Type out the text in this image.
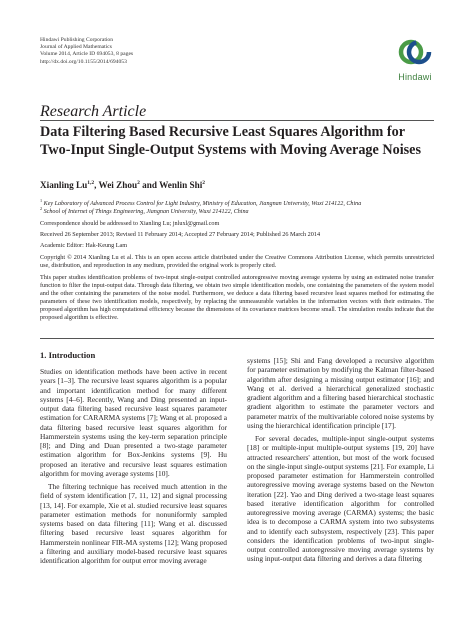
Hindawi Publishing Corporation
Journal of Applied Mathematics
Volume 2014, Article ID 694053, 8 pages
http://dx.doi.org/10.1155/2014/694053
Hindawi
Research Article
Data Filtering Based Recursive Least Squares Algorithm for Two-Input Single-Output Systems with Moving Average Noises
Xianling Lu$^{1,2}$, Wei Zhou$^2$ and Wenlin Shi$^2$
$^1$ Key Laboratory of Advanced Process Control for Light Industry, Ministry of Education, Jiangnan University, Wuxi 214122, China
$^2$ School of Internet of Things Engineering, Jiangnan University, Wuxi 214122, China
Correspondence should be addressed to Xianling Lu; jnluxl@gmail.com
Received 26 September 2013; Revised 11 February 2014; Accepted 27 February 2014; Published 26 March 2014
Academic Editor: Hak-Keung Lam
Copyright © 2014 Xianling Lu et al. This is an open access article distributed under the Creative Commons Attribution License, which permits unrestricted use, distribution, and reproduction in any medium, provided the original work is properly cited.
This paper studies identification problems of two-input single-output controlled autoregressive moving average systems by using an estimated noise transfer function to filter the input-output data. Through data filtering, we obtain two simple identification models, one containing the parameters of the system model and the other containing the parameters of the noise model. Furthermore, we deduce a data filtering based recursive least squares method for estimating the parameters of these two identification models, respectively, by replacing the unmeasurable variables in the information vectors with their estimates. The proposed algorithm has high computational efficiency because the dimensions of its covariance matrices become small. The simulation results indicate that the proposed algorithm is effective.
1. Introduction

Studies on identification methods have been active in recent years [1–3]. The recursive least squares algorithm is a popular and important identification method for many different systems [4–6]. Recently, Wang and Ding presented an input-output data filtering based recursive least squares parameter estimation for CARARMA systems [7]; Wang et al. proposed a data filtering based recursive least squares algorithm for Hammerstein systems using the key-term separation principle [8]; and Ding and Duan presented a two-stage parameter estimation algorithm for Box-Jenkins systems [9]. Hu proposed an iterative and recursive least squares estimation algorithm for moving average systems [10].

The filtering technique has received much attention in the field of system identification [7, 11, 12] and signal processing [13, 14]. For example, Xie et al. studied recursive least squares parameter estimation methods for nonuniformly sampled systems based on data filtering [11]; Wang et al. discussed filtering based recursive least squares algorithm for Hammerstein nonlinear FIR-MA systems [12]; Wang proposed a filtering and auxiliary model-based recursive least squares identification algorithm for output error moving average

systems [15]; Shi and Fang developed a recursive algorithm for parameter estimation by modifying the Kalman filter-based algorithm after designing a missing output estimator [16]; and Wang et al. derived a hierarchical generalized stochastic gradient algorithm and a filtering based hierarchical stochastic gradient algorithm to estimate the parameter vectors and parameter matrix of the multivariable colored noise systems by using the hierarchical identification principle [17].

For several decades, multiple-input single-output systems [18] or multiple-input multiple-output systems [19, 20] have attracted researchers' attention, but most of the work focused on the single-input single-output systems [21]. For example, Li proposed parameter estimation for Hammerstein controlled autoregressive moving average systems based on the Newton iteration [22]. Yao and Ding derived a two-stage least squares based iterative identification algorithm for controlled autoregressive moving average (CARMA) systems; the basic idea is to decompose a CARMA system into two subsystems and to identify each subsystem, respectively [23]. This paper considers the identification problems of two-input single-output controlled autoregressive moving average systems by using input-output data filtering and derives a data filtering
